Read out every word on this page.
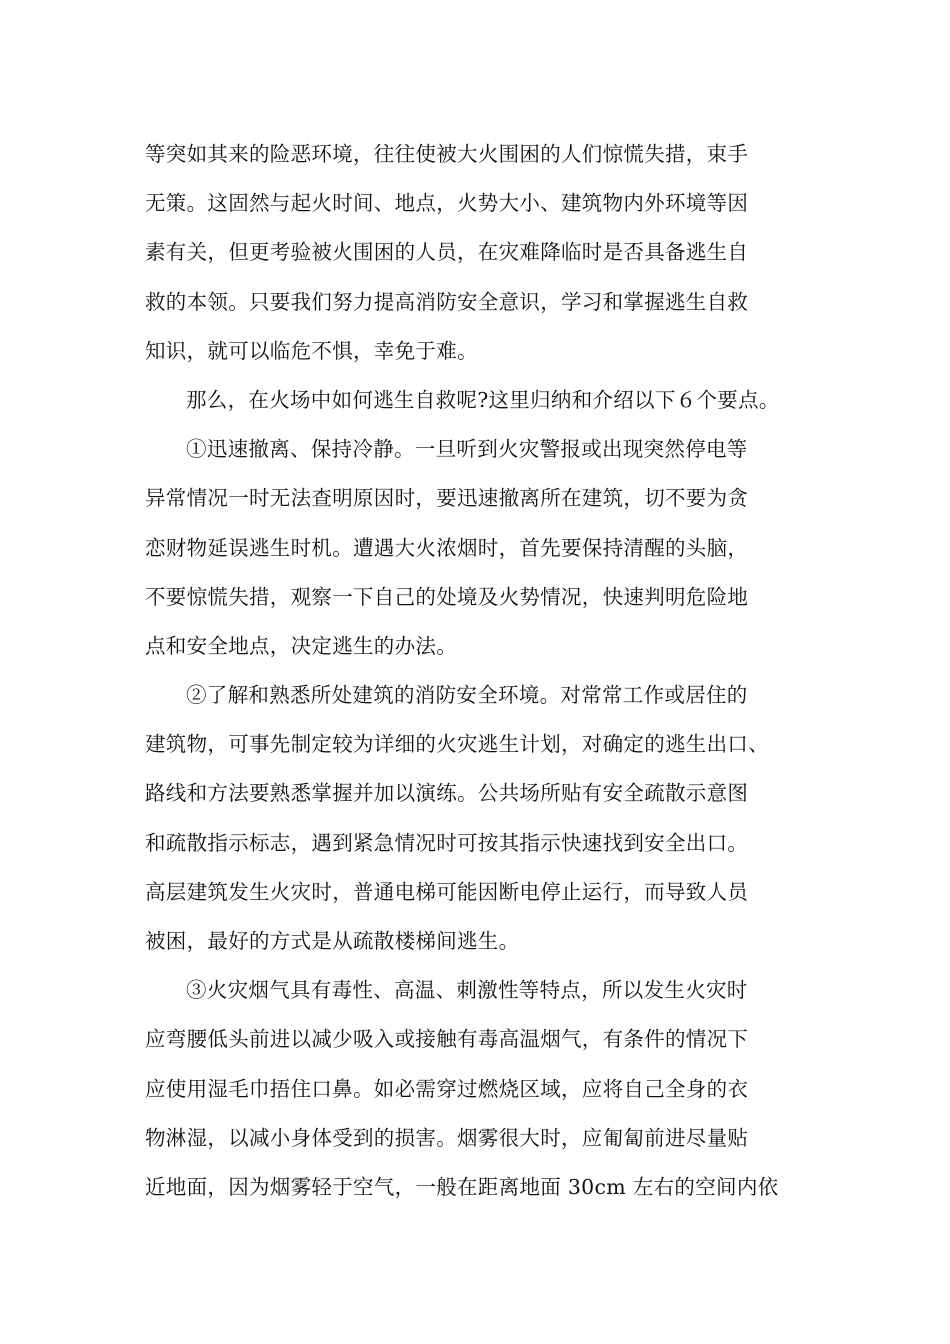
等突如其来的险恶环境，往往使被大火围困的人们惊慌失措，束手
无策。这固然与起火时间、地点，火势大小、建筑物内外环境等因
素有关，但更考验被火围困的人员，在灾难降临时是否具备逃生自
救的本领。只要我们努力提高消防安全意识，学习和掌握逃生自救
知识，就可以临危不惧，幸免于难。
那么，在火场中如何逃生自救呢?这里归纳和介绍以下６个要点。
①迅速撤离、保持冷静。一旦听到火灾警报或出现突然停电等
异常情况一时无法查明原因时，要迅速撤离所在建筑，切不要为贪
恋财物延误逃生时机。遭遇大火浓烟时，首先要保持清醒的头脑，
不要惊慌失措，观察一下自己的处境及火势情况，快速判明危险地
点和安全地点，决定逃生的办法。
②了解和熟悉所处建筑的消防安全环境。对常常工作或居住的
建筑物，可事先制定较为详细的火灾逃生计划，对确定的逃生出口、
路线和方法要熟悉掌握并加以演练。公共场所贴有安全疏散示意图
和疏散指示标志，遇到紧急情况时可按其指示快速找到安全出口。
高层建筑发生火灾时，普通电梯可能因断电停止运行，而导致人员
被困，最好的方式是从疏散楼梯间逃生。
③火灾烟气具有毒性、高温、刺激性等特点，所以发生火灾时
应弯腰低头前进以减少吸入或接触有毒高温烟气，有条件的情况下
应使用湿毛巾捂住口鼻。如必需穿过燃烧区域，应将自己全身的衣
物淋湿，以减小身体受到的损害。烟雾很大时，应匍匐前进尽量贴
近地面，因为烟雾轻于空气，一般在距离地面 30cm 左右的空间内依
